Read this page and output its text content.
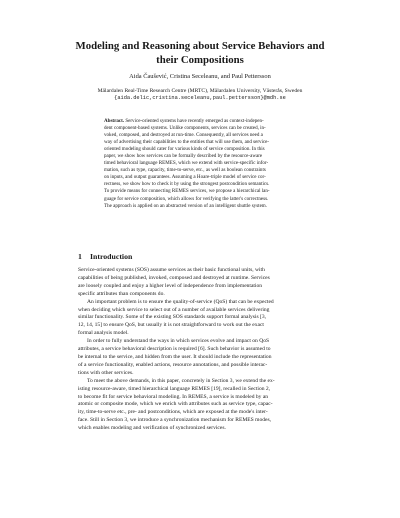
Modeling and Reasoning about Service Behaviors and
their Compositions
Aida Čaušević, Cristina Seceleanu, and Paul Pettersson
Mälardalen Real-Time Research Centre (MRTC), Mälardalen University, Västerås, Sweden
{aida.delic,cristina.seceleanu,paul.pettersson}@mdh.se
Abstract. Service-oriented systems have recently emerged as context-indepen-
dent component-based systems. Unlike components, services can be created, in-
voked, composed, and destroyed at run-time. Consequently, all services need a
way of advertising their capabilities to the entities that will use them, and service-
oriented modeling should cater for various kinds of service composition. In this
paper, we show how services can be formally described by the resource-aware
timed behavioral language REMES, which we extend with service-specific infor-
mation, such as type, capacity, time-to-serve, etc., as well as boolean constraints
on inputs, and output guarantees. Assuming a Hoare-triple model of service cor-
rectness, we show how to check it by using the strongest postcondition semantics.
To provide means for connecting REMES services, we propose a hierarchical lan-
guage for service composition, which allows for verifying the latter's correctness.
The approach is applied on an abstracted version of an intelligent shuttle system.
1 Introduction
Service-oriented systems (SOS) assume services as their basic functional units, with
capabilities of being published, invoked, composed and destroyed at runtime. Services
are loosely coupled and enjoy a higher level of independence from implementation
specific attributes than components do.
An important problem is to ensure the quality-of-service (QoS) that can be expected
when deciding which service to select out of a number of available services delivering
similar functionality. Some of the existing SOS standards support formal analysis [3,
12, 14, 15] to ensure QoS, but usually it is not straightforward to work out the exact
formal analysis model.
In order to fully understand the ways in which services evolve and impact on QoS
attributes, a service behavioral description is required [6]. Such behavior is assumed to
be internal to the service, and hidden from the user. It should include the representation
of a service functionality, enabled actions, resource annotations, and possible interac-
tions with other services.
To meet the above demands, in this paper, concretely in Section 3, we extend the ex-
isting resource-aware, timed hierarchical language REMES [19], recalled in Section 2,
to become fit for service behavioral modeling. In REMES, a service is modeled by an
atomic or composite mode, which we enrich with attributes such as service type, capac-
ity, time-to-serve etc., pre- and postconditions, which are exposed at the mode's inter-
face. Still in Section 3, we introduce a synchronization mechanism for REMES modes,
which enables modeling and verification of synchronized services.
